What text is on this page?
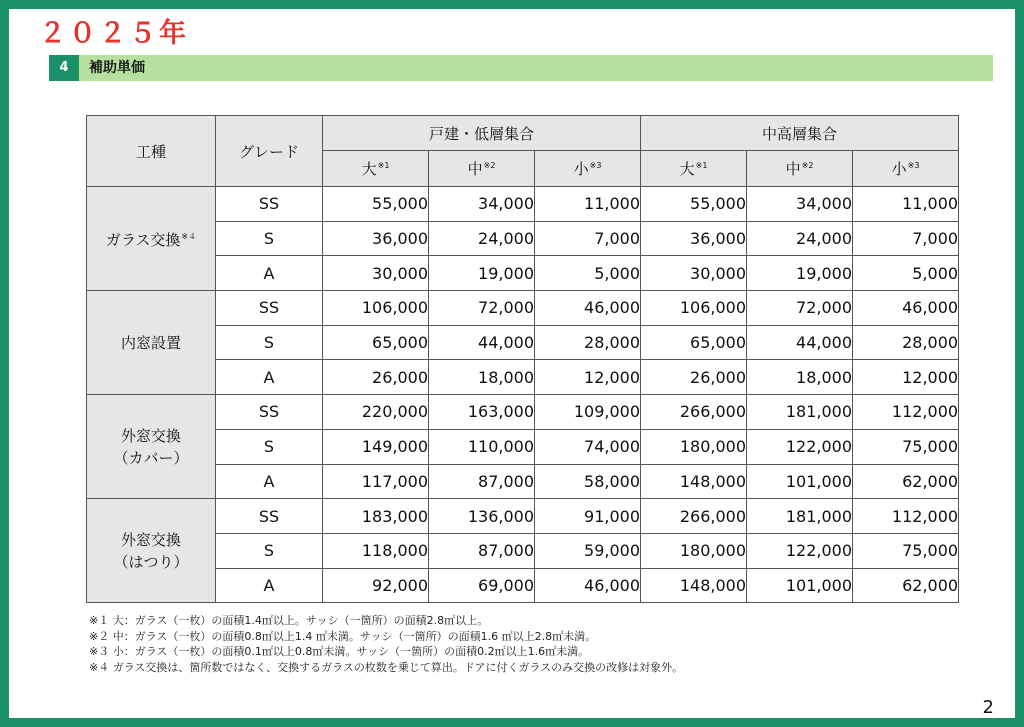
２０２５年
4	補助単価
工種	グレード	戸建・低層集合			中高層集合		
		大$^{※1}$	中$^{※2}$	小$^{※3}$	大$^{※1}$	中$^{※2}$	小$^{※3}$
ガラス交換$^{※4}$	SS	55,000	34,000	11,000	55,000	34,000	11,000
	S	36,000	24,000	7,000	36,000	24,000	7,000
	A	30,000	19,000	5,000	30,000	19,000	5,000
内窓設置	SS	106,000	72,000	46,000	106,000	72,000	46,000
	S	65,000	44,000	28,000	65,000	44,000	28,000
	A	26,000	18,000	12,000	26,000	18,000	12,000
外窓交換
（カバー）	SS	220,000	163,000	109,000	266,000	181,000	112,000
	S	149,000	110,000	74,000	180,000	122,000	75,000
	A	117,000	87,000	58,000	148,000	101,000	62,000
外窓交換
（はつり）	SS	183,000	136,000	91,000	266,000	181,000	112,000
	S	118,000	87,000	59,000	180,000	122,000	75,000
	A	92,000	69,000	46,000	148,000	101,000	62,000
※１ 大：ガラス（一枚）の面積1.4㎡以上。サッシ（一箇所）の面積2.8㎡以上。
※２ 中：ガラス（一枚）の面積0.8㎡以上1.4 ㎡未満。サッシ（一箇所）の面積1.6 ㎡以上2.8㎡未満。
※３ 小：ガラス（一枚）の面積0.1㎡以上0.8㎡未満。サッシ（一箇所）の面積0.2㎡以上1.6㎡未満。
※４ ガラス交換は、箇所数ではなく、交換するガラスの枚数を乗じて算出。ドアに付くガラスのみ交換の改修は対象外。
2
